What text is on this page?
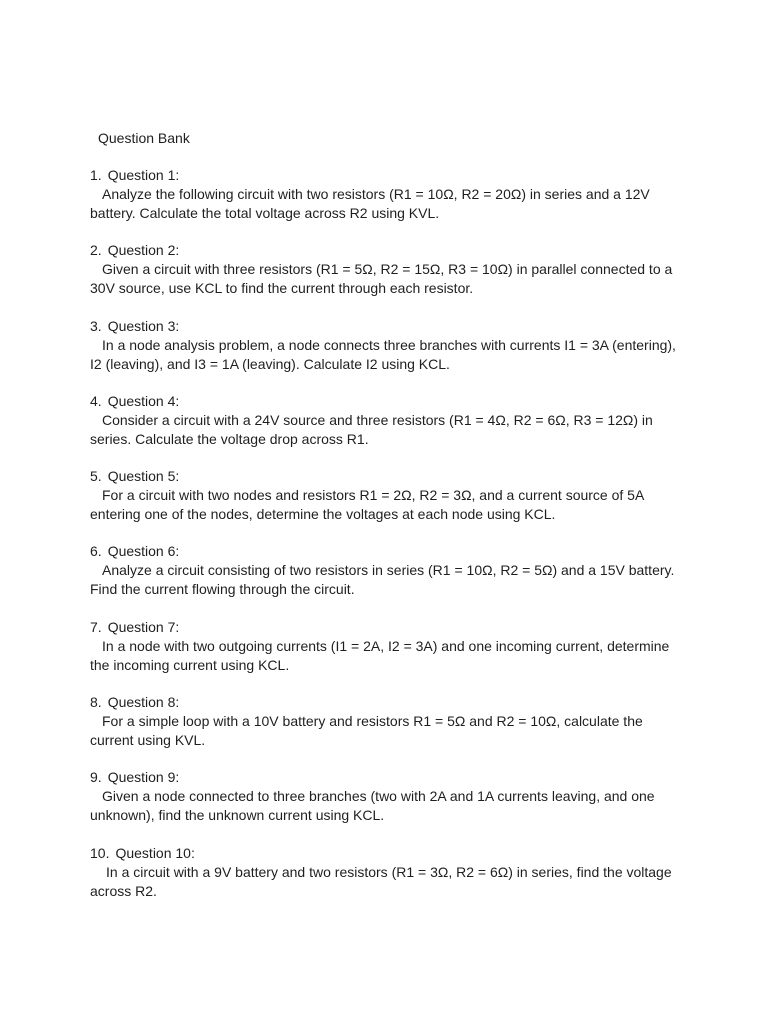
Question Bank
1. Question 1:

Analyze the following circuit with two resistors (R1 = 10Ω, R2 = 20Ω) in series and a 12V battery. Calculate the total voltage across R2 using KVL.

2. Question 2:

Given a circuit with three resistors (R1 = 5Ω, R2 = 15Ω, R3 = 10Ω) in parallel connected to a 30V source, use KCL to find the current through each resistor.

3. Question 3:

In a node analysis problem, a node connects three branches with currents I1 = 3A (entering), I2 (leaving), and I3 = 1A (leaving). Calculate I2 using KCL.

4. Question 4:

Consider a circuit with a 24V source and three resistors (R1 = 4Ω, R2 = 6Ω, R3 = 12Ω) in series. Calculate the voltage drop across R1.

5. Question 5:

For a circuit with two nodes and resistors R1 = 2Ω, R2 = 3Ω, and a current source of 5A entering one of the nodes, determine the voltages at each node using KCL.

6. Question 6:

Analyze a circuit consisting of two resistors in series (R1 = 10Ω, R2 = 5Ω) and a 15V battery. Find the current flowing through the circuit.

7. Question 7:

In a node with two outgoing currents (I1 = 2A, I2 = 3A) and one incoming current, determine the incoming current using KCL.

8. Question 8:

For a simple loop with a 10V battery and resistors R1 = 5Ω and R2 = 10Ω, calculate the current using KVL.

9. Question 9:

Given a node connected to three branches (two with 2A and 1A currents leaving, and one unknown), find the unknown current using KCL.

10. Question 10:

In a circuit with a 9V battery and two resistors (R1 = 3Ω, R2 = 6Ω) in series, find the voltage across R2.
